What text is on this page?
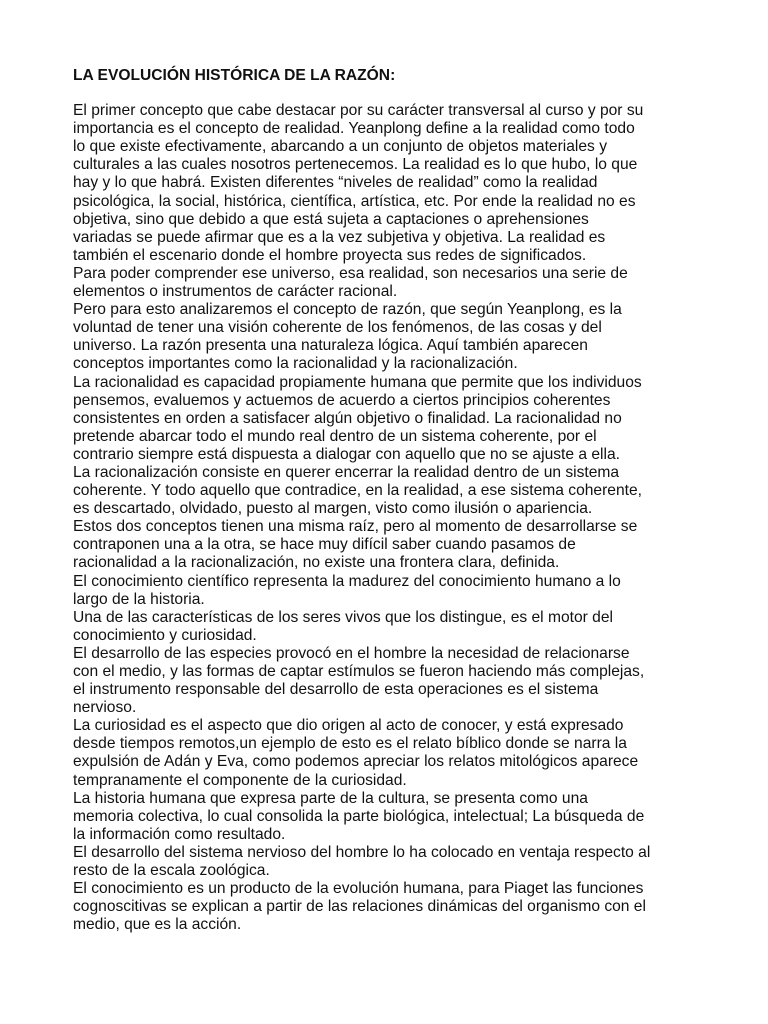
LA EVOLUCIÓN HISTÓRICA DE LA RAZÓN:
El primer concepto que cabe destacar por su carácter transversal al curso y por su
importancia es el concepto de realidad. Yeanplong define a la realidad como todo
lo que existe efectivamente, abarcando a un conjunto de objetos materiales y
culturales a las cuales nosotros pertenecemos. La realidad es lo que hubo, lo que
hay y lo que habrá. Existen diferentes “niveles de realidad” como la realidad
psicológica, la social, histórica, científica, artística, etc. Por ende la realidad no es
objetiva, sino que debido a que está sujeta a captaciones o aprehensiones
variadas se puede afirmar que es a la vez subjetiva y objetiva. La realidad es
también el escenario donde el hombre proyecta sus redes de significados.
Para poder comprender ese universo, esa realidad, son necesarios una serie de
elementos o instrumentos de carácter racional.
Pero para esto analizaremos el concepto de razón, que según Yeanplong, es la
voluntad de tener una visión coherente de los fenómenos, de las cosas y del
universo. La razón presenta una naturaleza lógica. Aquí también aparecen
conceptos importantes como la racionalidad y la racionalización.
La racionalidad es capacidad propiamente humana que permite que los individuos
pensemos, evaluemos y actuemos de acuerdo a ciertos principios coherentes
consistentes en orden a satisfacer algún objetivo o finalidad. La racionalidad no
pretende abarcar todo el mundo real dentro de un sistema coherente, por el
contrario siempre está dispuesta a dialogar con aquello que no se ajuste a ella.
La racionalización consiste en querer encerrar la realidad dentro de un sistema
coherente. Y todo aquello que contradice, en la realidad, a ese sistema coherente,
es descartado, olvidado, puesto al margen, visto como ilusión o apariencia.
Estos dos conceptos tienen una misma raíz, pero al momento de desarrollarse se
contraponen una a la otra, se hace muy difícil saber cuando pasamos de
racionalidad a la racionalización, no existe una frontera clara, definida.
El conocimiento científico representa la madurez del conocimiento humano a lo
largo de la historia.
Una de las características de los seres vivos que los distingue, es el motor del
conocimiento y curiosidad.
El desarrollo de las especies provocó en el hombre la necesidad de relacionarse
con el medio, y las formas de captar estímulos se fueron haciendo más complejas,
el instrumento responsable del desarrollo de esta operaciones es el sistema
nervioso.
La curiosidad es el aspecto que dio origen al acto de conocer, y está expresado
desde tiempos remotos,un ejemplo de esto es el relato bíblico donde se narra la
expulsión de Adán y Eva, como podemos apreciar los relatos mitológicos aparece
tempranamente el componente de la curiosidad.
La historia humana que expresa parte de la cultura, se presenta como una
memoria colectiva, lo cual consolida la parte biológica, intelectual; La búsqueda de
la información como resultado.
El desarrollo del sistema nervioso del hombre lo ha colocado en ventaja respecto al
resto de la escala zoológica.
El conocimiento es un producto de la evolución humana, para Piaget las funciones
cognoscitivas se explican a partir de las relaciones dinámicas del organismo con el
medio, que es la acción.
